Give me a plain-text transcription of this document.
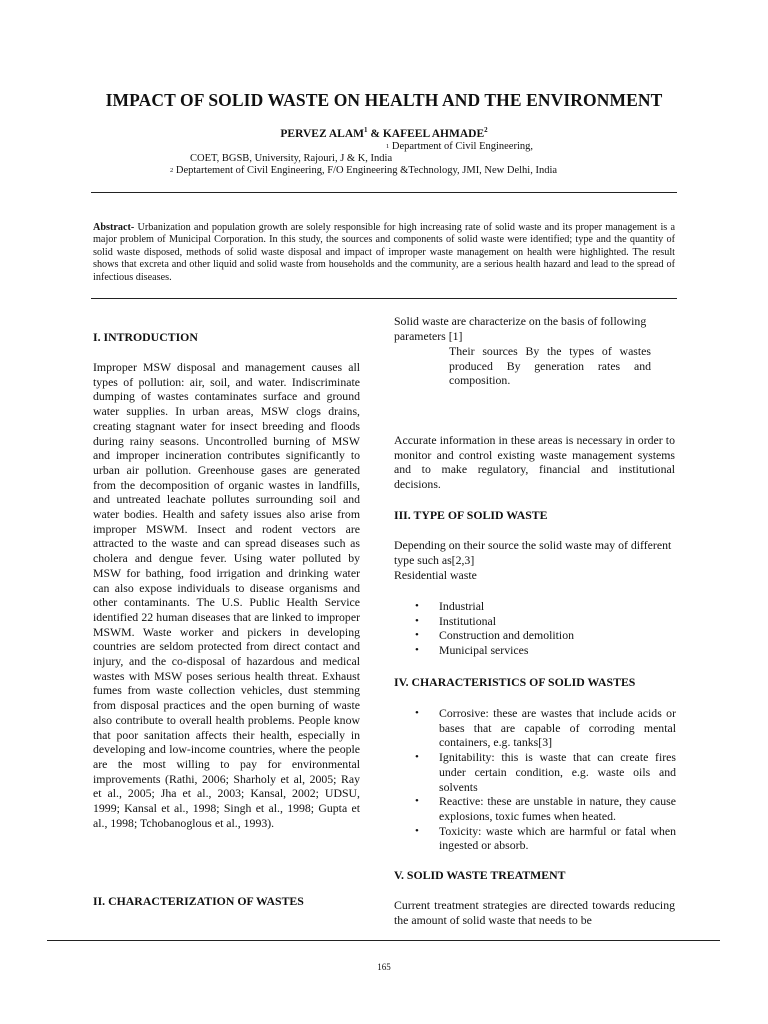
IMPACT OF SOLID WASTE ON HEALTH AND THE ENVIRONMENT
PERVEZ ALAM$^1$ & KAFEEL AHMADE$^2$
1 Department of Civil Engineering,
COET, BGSB, University, Rajouri, J & K, India
2 Deptartement of Civil Engineering, F/O Engineering &Technology, JMI, New Delhi, India
Abstract- Urbanization and population growth are solely responsible for high increasing rate of solid waste and its proper management is a major problem of Municipal Corporation. In this study, the sources and components of solid waste were identified; type and the quantity of solid waste disposed, methods of solid waste disposal and impact of improper waste management on health were highlighted. The result shows that excreta and other liquid and solid waste from households and the community, are a serious health hazard and lead to the spread of infectious diseases.
I. INTRODUCTION
Improper MSW disposal and management causes all types of pollution: air, soil, and water. Indiscriminate dumping of wastes contaminates surface and ground water supplies. In urban areas, MSW clogs drains, creating stagnant water for insect breeding and floods during rainy seasons. Uncontrolled burning of MSW and improper incineration contributes significantly to urban air pollution. Greenhouse gases are generated from the decomposition of organic wastes in landfills, and untreated leachate pollutes surrounding soil and water bodies. Health and safety issues also arise from improper MSWM. Insect and rodent vectors are attracted to the waste and can spread diseases such as cholera and dengue fever. Using water polluted by MSW for bathing, food irrigation and drinking water can also expose individuals to disease organisms and other contaminants. The U.S. Public Health Service identified 22 human diseases that are linked to improper MSWM. Waste worker and pickers in developing countries are seldom protected from direct contact and injury, and the co-disposal of hazardous and medical wastes with MSW poses serious health threat. Exhaust fumes from waste collection vehicles, dust stemming from disposal practices and the open burning of waste also contribute to overall health problems. People know that poor sanitation affects their health, especially in developing and low-income countries, where the people are the most willing to pay for environmental improvements (Rathi, 2006; Sharholy et al, 2005; Ray et al., 2005; Jha et al., 2003; Kansal, 2002; UDSU, 1999; Kansal et al., 1998; Singh et al., 1998; Gupta et al., 1998; Tchobanoglous et al., 1993).
II. CHARACTERIZATION OF WASTES
Solid waste are characterize on the basis of following parameters [1]
Their sources By the types of wastes produced By generation rates and composition.
Accurate information in these areas is necessary in order to monitor and control existing waste management systems and to make regulatory, financial and institutional decisions.
III. TYPE OF SOLID WASTE
Depending on their source the solid waste may of different type such as[2,3]
Residential waste
• Industrial
• Institutional
• Construction and demolition
• Municipal services
IV. CHARACTERISTICS OF SOLID WASTES
• Corrosive: these are wastes that include acids or bases that are capable of corroding mental containers, e.g. tanks[3]
• Ignitability: this is waste that can create fires under certain condition, e.g. waste oils and solvents
• Reactive: these are unstable in nature, they cause explosions, toxic fumes when heated.
• Toxicity: waste which are harmful or fatal when ingested or absorb.
V. SOLID WASTE TREATMENT
Current treatment strategies are directed towards reducing the amount of solid waste that needs to be
165
